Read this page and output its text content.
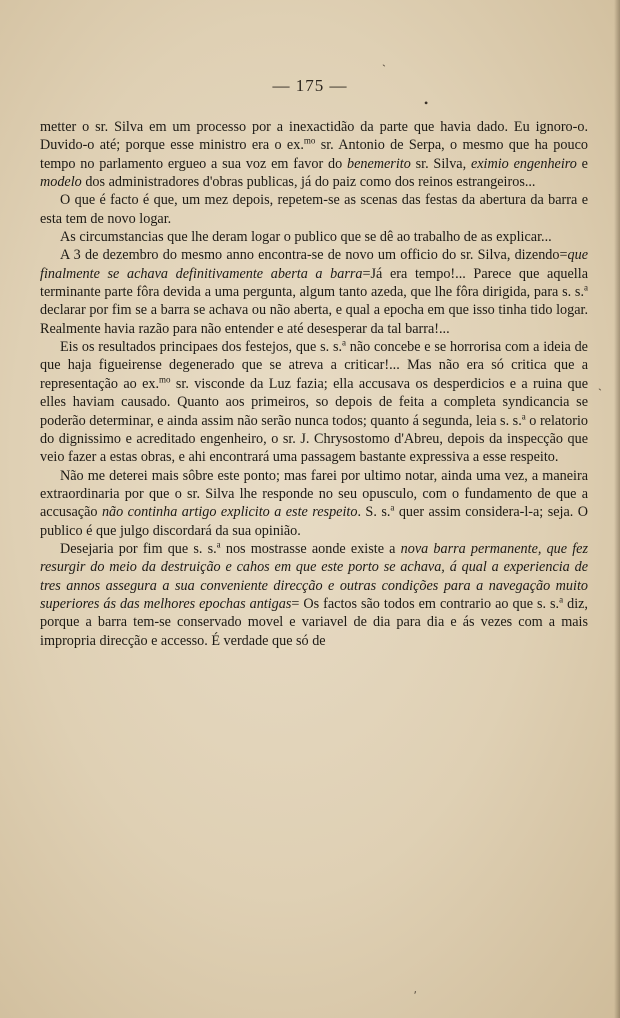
— 175 —
ˋ
•
ˋ
ʹ

metter o sr. Silva em um processo por a inexactidão da parte que havia dado. Eu ignoro-o. Duvido-o até; porque esse ministro era o ex.$^{mo}$ sr. Antonio de Serpa, o mesmo que ha pouco tempo no parlamento ergueo a sua voz em favor do benemerito sr. Silva, eximio engenheiro e modelo dos administradores d'obras publicas, já do paiz como dos reinos estrangeiros...

O que é facto é que, um mez depois, repetem-se as scenas das festas da abertura da barra e esta tem de novo logar.

As circumstancias que lhe deram logar o publico que se dê ao trabalho de as explicar...

A 3 de dezembro do mesmo anno encontra-se de novo um officio do sr. Silva, dizendo=que finalmente se achava definitivamente aberta a barra=Já era tempo!... Parece que aquella terminante parte fôra devida a uma pergunta, algum tanto azeda, que lhe fôra dirigida, para s. s.$^a$ declarar por fim se a barra se achava ou não aberta, e qual a epocha em que isso tinha tido logar. Realmente havia razão para não entender e até desesperar da tal barra!...

Eis os resultados principaes dos festejos, que s. s.$^a$ não concebe e se horrorisa com a ideia de que haja figueirense degenerado que se atreva a criticar!... Mas não era só critica que a representação ao ex.$^{mo}$ sr. visconde da Luz fazia; ella accusava os desperdicios e a ruina que elles haviam causado. Quanto aos primeiros, so depois de feita a completa syndicancia se poderão determinar, e ainda assim não serão nunca todos; quanto á segunda, leia s. s.$^a$ o relatorio do dignissimo e acreditado engenheiro, o sr. J. Chrysostomo d'Abreu, depois da inspecção que veio fazer a estas obras, e ahi encontrará uma passagem bastante expressiva a esse respeito.

Não me deterei mais sôbre este ponto; mas farei por ultimo notar, ainda uma vez, a maneira extraordinaria por que o sr. Silva lhe responde no seu opusculo, com o fundamento de que a accusação não continha artigo explicito a este respeito. S. s.$^a$ quer assim considera-l-a; seja. O publico é que julgo discordará da sua opinião.

Desejaria por fim que s. s.$^a$ nos mostrasse aonde existe a nova barra permanente, que fez resurgir do meio da destruição e cahos em que este porto se achava, á qual a experiencia de tres annos assegura a sua conveniente direcção e outras condições para a navegação muito superiores ás das melhores epochas antigas= Os factos são todos em contrario ao que s. s.$^a$ diz, porque a barra tem-se conservado movel e variavel de dia para dia e ás vezes com a mais impropria direcção e accesso. É verdade que só de
